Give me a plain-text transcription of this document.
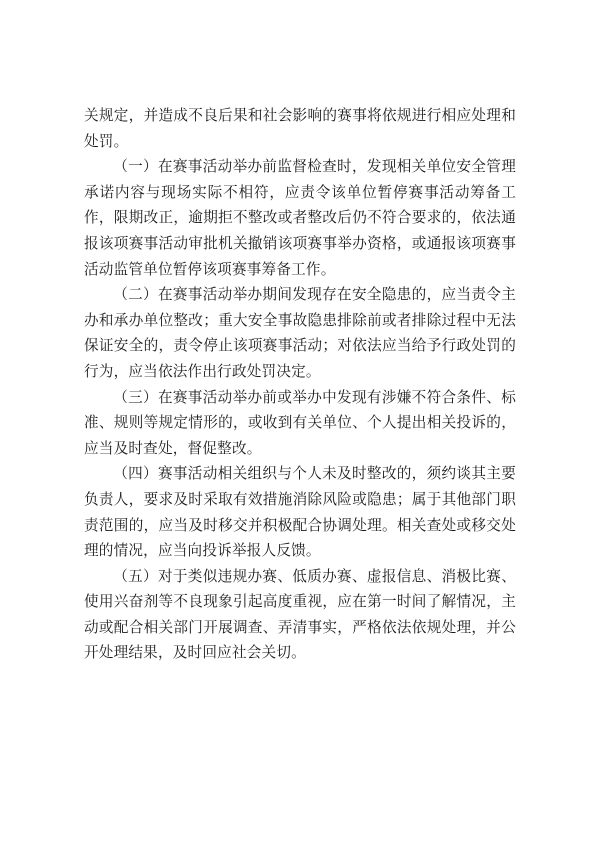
关规定，并造成不良后果和社会影响的赛事将依规进行相应处理和处罚。

（一）在赛事活动举办前监督检查时，发现相关单位安全管理承诺内容与现场实际不相符，应责令该单位暂停赛事活动筹备工作，限期改正，逾期拒不整改或者整改后仍不符合要求的，依法通报该项赛事活动审批机关撤销该项赛事举办资格，或通报该项赛事活动监管单位暂停该项赛事筹备工作。

（二）在赛事活动举办期间发现存在安全隐患的，应当责令主办和承办单位整改；重大安全事故隐患排除前或者排除过程中无法保证安全的，责令停止该项赛事活动；对依法应当给予行政处罚的行为，应当依法作出行政处罚决定。

（三）在赛事活动举办前或举办中发现有涉嫌不符合条件、标准、规则等规定情形的，或收到有关单位、个人提出相关投诉的，应当及时查处，督促整改。

（四）赛事活动相关组织与个人未及时整改的，须约谈其主要负责人，要求及时采取有效措施消除风险或隐患；属于其他部门职责范围的，应当及时移交并积极配合协调处理。相关查处或移交处理的情况，应当向投诉举报人反馈。

（五）对于类似违规办赛、低质办赛、虚报信息、消极比赛、使用兴奋剂等不良现象引起高度重视，应在第一时间了解情况，主动或配合相关部门开展调查、弄清事实，严格依法依规处理，并公开处理结果，及时回应社会关切。
